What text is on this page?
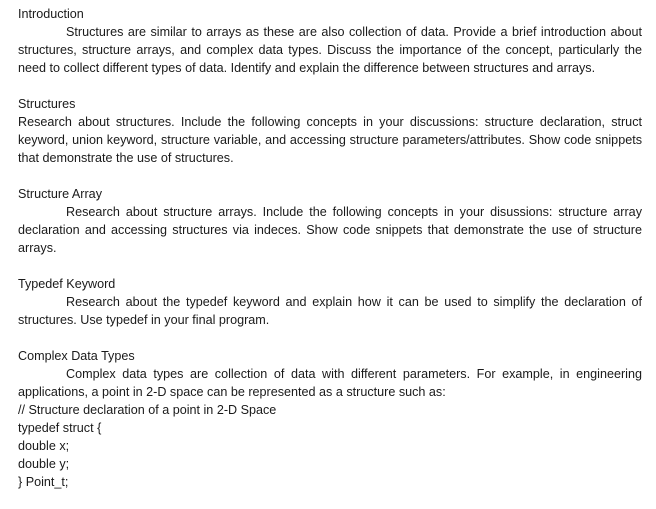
Introduction
Structures are similar to arrays as these are also collection of data. Provide a brief introduction about structures, structure arrays, and complex data types. Discuss the importance of the concept, particularly the need to collect different types of data. Identify and explain the difference between structures and arrays.
Structures
Research about structures. Include the following concepts in your discussions: structure declaration, struct keyword, union keyword, structure variable, and accessing structure parameters/attributes. Show code snippets that demonstrate the use of structures.
Structure Array
Research about structure arrays. Include the following concepts in your disussions: structure array declaration and accessing structures via indeces. Show code snippets that demonstrate the use of structure arrays.
Typedef Keyword
Research about the typedef keyword and explain how it can be used to simplify the declaration of structures. Use typedef in your final program.
Complex Data Types
Complex data types are collection of data with different parameters. For example, in engineering applications, a point in 2-D space can be represented as a structure such as:
// Structure declaration of a point in 2-D Space
typedef struct {
double x;
double y;
} Point_t;
